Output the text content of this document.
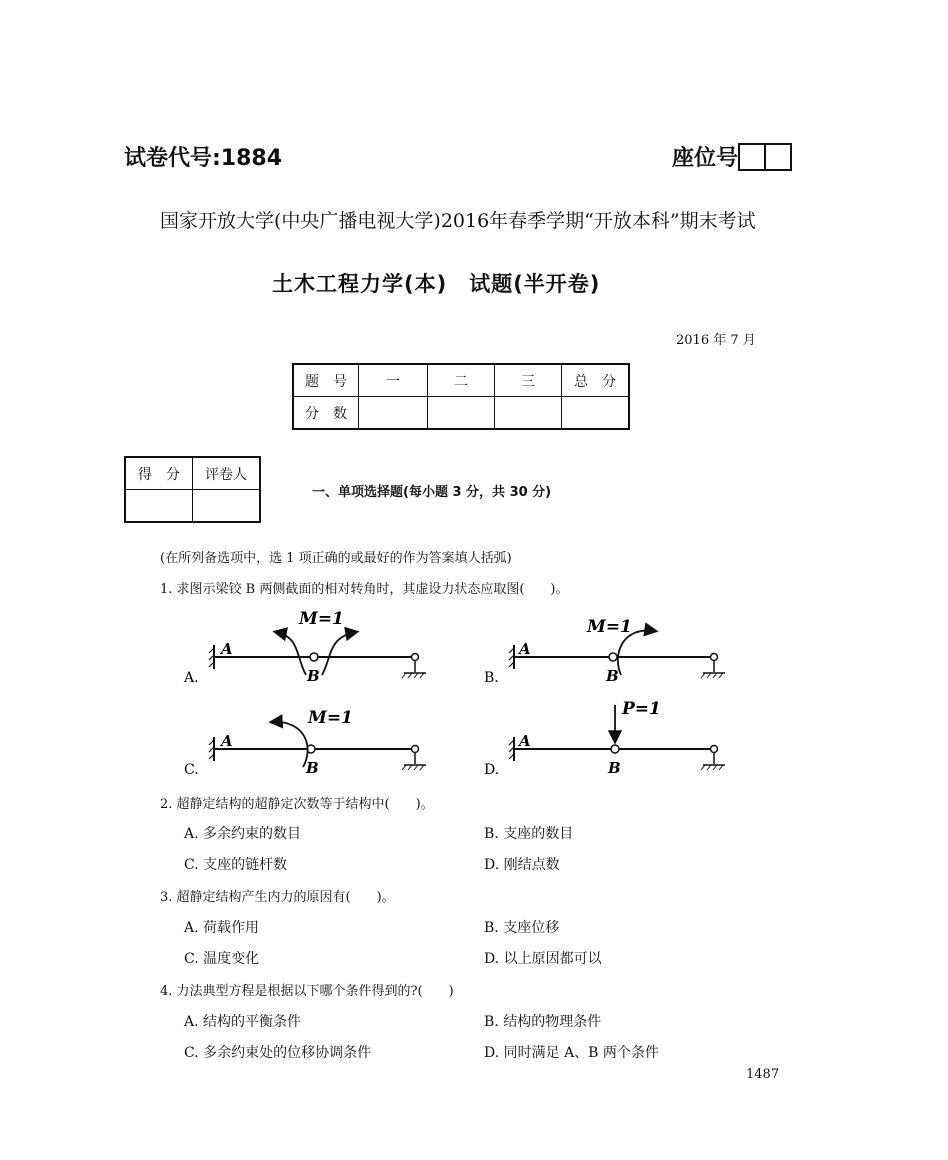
试卷代号:1884	座位号
国家开放大学(中央广播电视大学)2016年春季学期“开放本科”期末考试
土木工程力学(本)　试题(半开卷)
2016 年 7 月
题　号	一	二	三	总　分
分　数				
得　分	评卷人

一、单项选择题(每小题 3 分，共 30 分)
(在所列备选项中，选 1 项正确的或最好的作为答案填人括弧)
1. 求图示梁铰 B 两侧截面的相对转角时，其虚设力状态应取图(　　)。
M=1
A
B
A.
M=1
A
B
B.
M=1
A
B
C.
P=1
A
B
D.
2. 超静定结构的超静定次数等于结构中(　　)。
A. 多余约束的数目	B. 支座的数目
C. 支座的链杆数	D. 刚结点数
3. 超静定结构产生内力的原因有(　　)。
A. 荷载作用	B. 支座位移
C. 温度变化	D. 以上原因都可以
4. 力法典型方程是根据以下哪个条件得到的?(　　)
A. 结构的平衡条件	B. 结构的物理条件
C. 多余约束处的位移协调条件	D. 同时满足 A、B 两个条件
1487
